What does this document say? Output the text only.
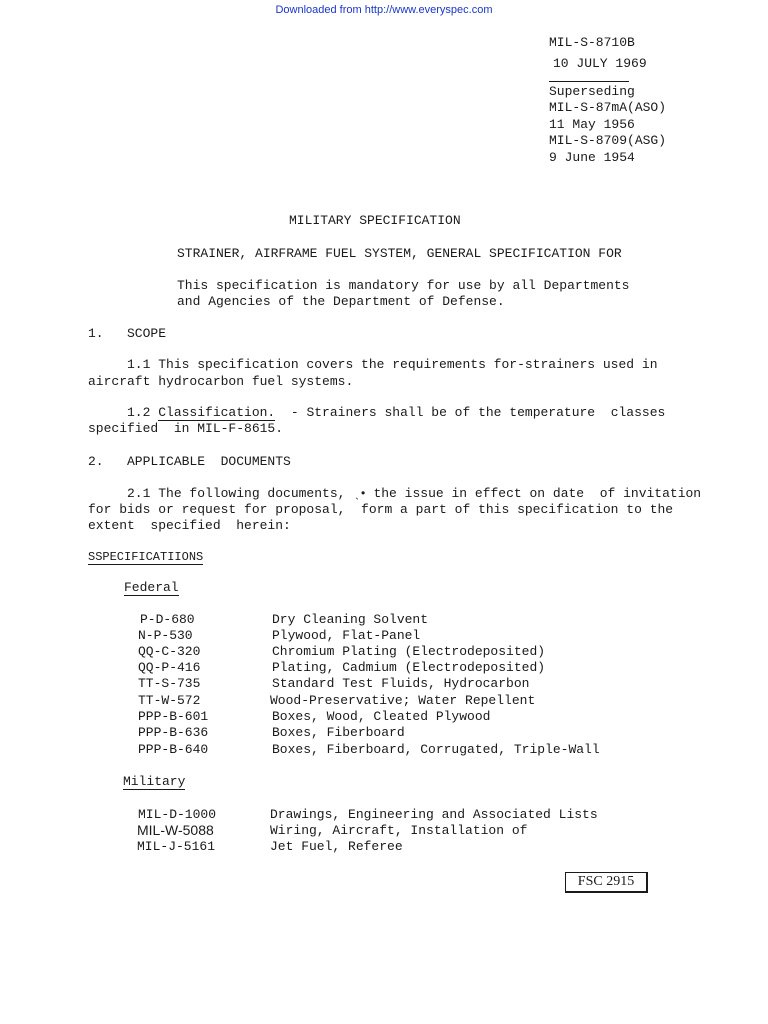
Downloaded from http://www.everyspec.com
MIL-S-8710B
10 JULY 1969
Superseding
MIL-S-87mA(ASO)
11 May 1956
MIL-S-8709(ASG)
9 June 1954
MILITARY SPECIFICATION
STRAINER, AIRFRAME FUEL SYSTEM, GENERAL SPECIFICATION FOR
This specification is mandatory for use by all Departments
and Agencies of the Department of Defense.
1.   SCOPE
1.1 This specification covers the requirements for-strainers used in
aircraft hydrocarbon fuel systems.
1.2 Classification.  - Strainers shall be of the temperature  classes
specified  in MIL-F-8615.
2.   APPLICABLE  DOCUMENTS
2.1 The following documents, ˎ• the issue in effect on date  of invitation
for bids or request for proposal,  form a part of this specification to the
extent  specified  herein:
SSPECIFICATIIONS
Federal
P-D-680	Dry Cleaning Solvent
N-P-530	Plywood, Flat-Panel
QQ-C-320	Chromium Plating (Electrodeposited)
QQ-P-416	Plating, Cadmium (Electrodeposited)
TT-S-735	Standard Test Fluids, Hydrocarbon
TT-W-572	Wood-Preservative; Water Repellent
PPP-B-601	Boxes, Wood, Cleated Plywood
PPP-B-636	Boxes, Fiberboard
PPP-B-640	Boxes, Fiberboard, Corrugated, Triple-Wall
Military
MIL-D-1000	Drawings, Engineering and Associated Lists
MIL-W-5088	Wiring, Aircraft, Installation of
MIL-J-5161	Jet Fuel, Referee
FSC 2915
